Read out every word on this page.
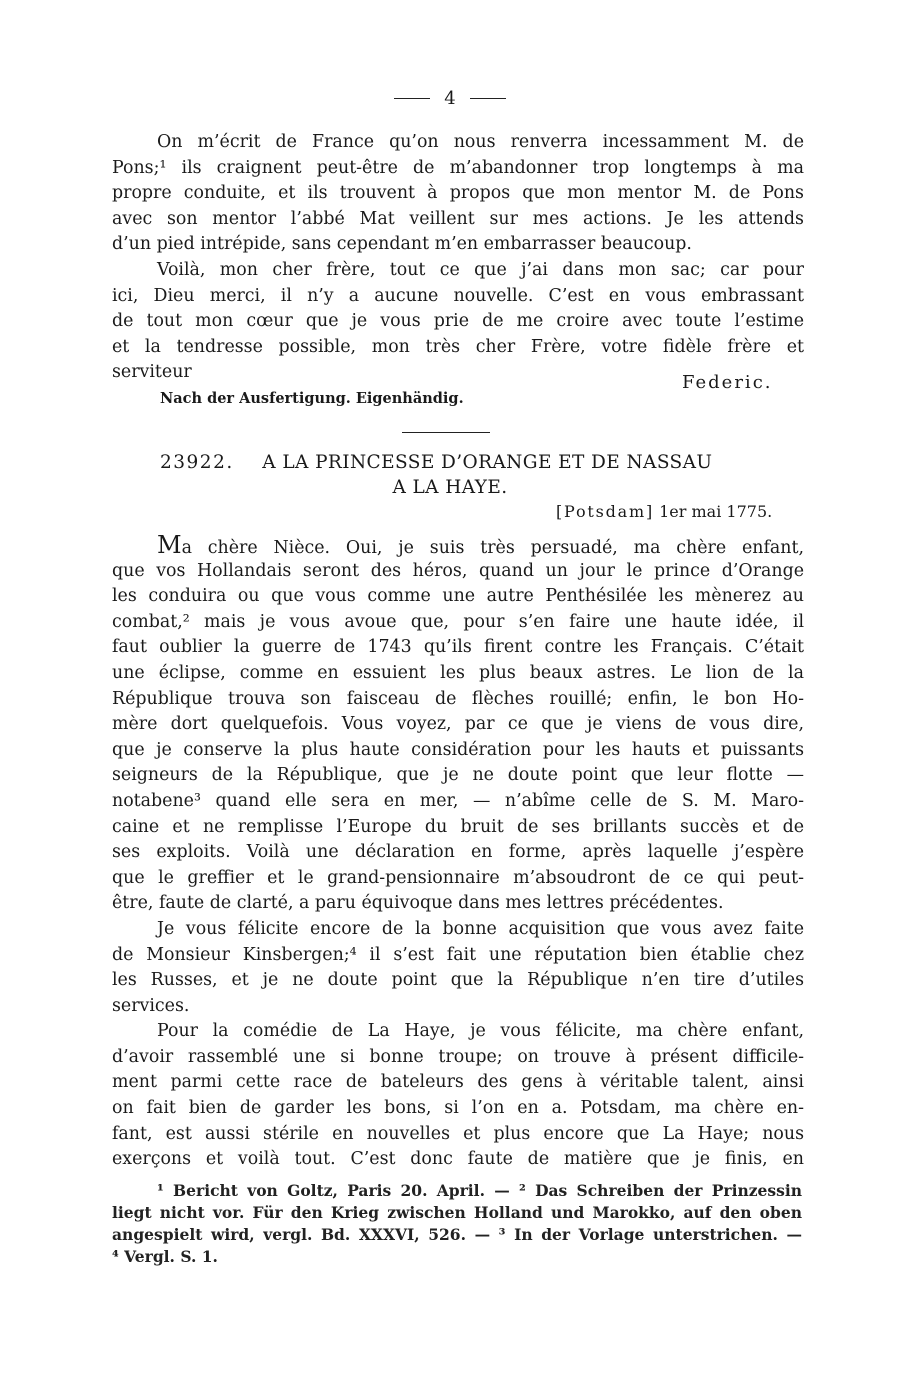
4
On m’écrit de France qu’on nous renverra incessamment M. de
Pons;¹ ils craignent peut-être de m’abandonner trop longtemps à ma
propre conduite, et ils trouvent à propos que mon mentor M. de Pons
avec son mentor l’abbé Mat veillent sur mes actions. Je les attends
d’un pied intrépide, sans cependant m’en embarrasser beaucoup.
Voilà, mon cher frère, tout ce que j’ai dans mon sac; car pour
ici, Dieu merci, il n’y a aucune nouvelle. C’est en vous embrassant
de tout mon cœur que je vous prie de me croire avec toute l’estime
et la tendresse possible, mon très cher Frère, votre fidèle frère et
serviteur	Federic.
Nach der Ausfertigung. Eigenhändig.
23922. A LA PRINCESSE D’ORANGE ET DE NASSAU
A LA HAYE.
[Potsdam] 1er mai 1775.
Ma chère Nièce. Oui, je suis très persuadé, ma chère enfant,
que vos Hollandais seront des héros, quand un jour le prince d’Orange
les conduira ou que vous comme une autre Penthésilée les mènerez au
combat,² mais je vous avoue que, pour s’en faire une haute idée, il
faut oublier la guerre de 1743 qu’ils firent contre les Français. C’était
une éclipse, comme en essuient les plus beaux astres. Le lion de la
République trouva son faisceau de flèches rouillé; enfin, le bon Ho-
mère dort quelquefois. Vous voyez, par ce que je viens de vous dire,
que je conserve la plus haute considération pour les hauts et puissants
seigneurs de la République, que je ne doute point que leur flotte —
notabene³ quand elle sera en mer, — n’abîme celle de S. M. Maro-
caine et ne remplisse l’Europe du bruit de ses brillants succès et de
ses exploits. Voilà une déclaration en forme, après laquelle j’espère
que le greffier et le grand-pensionnaire m’absoudront de ce qui peut-
être, faute de clarté, a paru équivoque dans mes lettres précédentes.
Je vous félicite encore de la bonne acquisition que vous avez faite
de Monsieur Kinsbergen;⁴ il s’est fait une réputation bien établie chez
les Russes, et je ne doute point que la République n’en tire d’utiles
services.
Pour la comédie de La Haye, je vous félicite, ma chère enfant,
d’avoir rassemblé une si bonne troupe; on trouve à présent difficile-
ment parmi cette race de bateleurs des gens à véritable talent, ainsi
on fait bien de garder les bons, si l’on en a. Potsdam, ma chère en-
fant, est aussi stérile en nouvelles et plus encore que La Haye; nous
exerçons et voilà tout. C’est donc faute de matière que je finis, en
¹ Bericht von Goltz, Paris 20. April. — ² Das Schreiben der Prinzessin
liegt nicht vor. Für den Krieg zwischen Holland und Marokko, auf den oben
angespielt wird, vergl. Bd. XXXVI, 526. — ³ In der Vorlage unterstrichen. —
⁴ Vergl. S. 1.
